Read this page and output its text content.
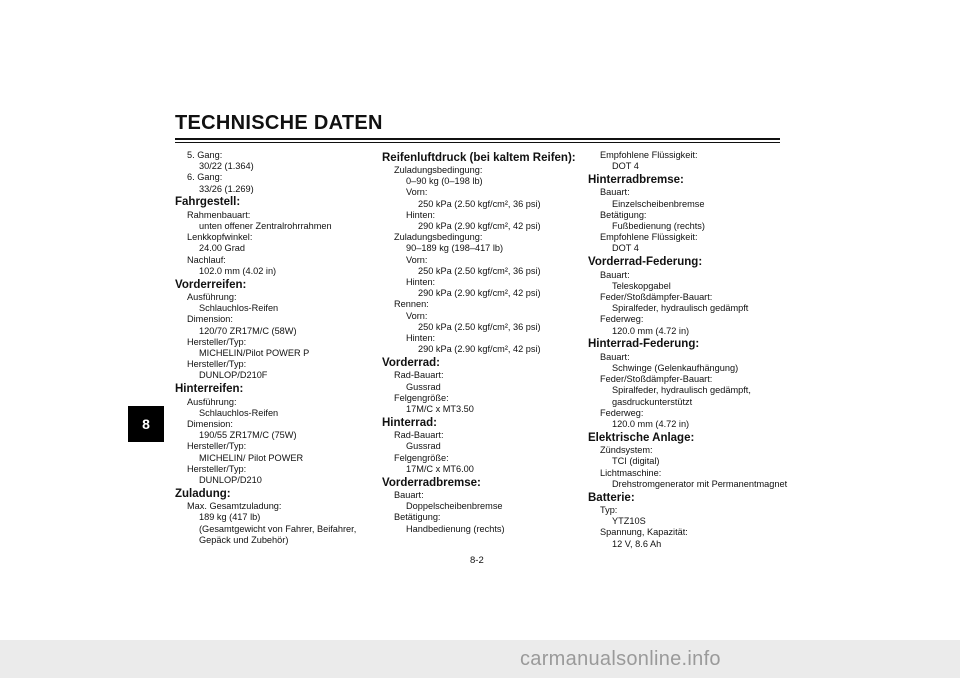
TECHNISCHE DATEN
8
5. Gang:
30/22 (1.364)
6. Gang:
33/26 (1.269)
Fahrgestell:
Rahmenbauart:
unten offener Zentralrohrrahmen
Lenkkopfwinkel:
24.00 Grad
Nachlauf:
102.0 mm (4.02 in)
Vorderreifen:
Ausführung:
Schlauchlos-Reifen
Dimension:
120/70 ZR17M/C (58W)
Hersteller/Typ:
MICHELIN/Pilot POWER P
Hersteller/Typ:
DUNLOP/D210F
Hinterreifen:
Ausführung:
Schlauchlos-Reifen
Dimension:
190/55 ZR17M/C (75W)
Hersteller/Typ:
MICHELIN/ Pilot POWER
Hersteller/Typ:
DUNLOP/D210
Zuladung:
Max. Gesamtzuladung:
189 kg (417 lb)
(Gesamtgewicht von Fahrer, Beifahrer,
Gepäck und Zubehör)
Reifenluftdruck (bei kaltem Reifen):
Zuladungsbedingung:
0–90 kg (0–198 lb)
Vorn:
250 kPa (2.50 kgf/cm², 36 psi)
Hinten:
290 kPa (2.90 kgf/cm², 42 psi)
Zuladungsbedingung:
90–189 kg (198–417 lb)
Vorn:
250 kPa (2.50 kgf/cm², 36 psi)
Hinten:
290 kPa (2.90 kgf/cm², 42 psi)
Rennen:
Vorn:
250 kPa (2.50 kgf/cm², 36 psi)
Hinten:
290 kPa (2.90 kgf/cm², 42 psi)
Vorderrad:
Rad-Bauart:
Gussrad
Felgengröße:
17M/C x MT3.50
Hinterrad:
Rad-Bauart:
Gussrad
Felgengröße:
17M/C x MT6.00
Vorderradbremse:
Bauart:
Doppelscheibenbremse
Betätigung:
Handbedienung (rechts)
Empfohlene Flüssigkeit:
DOT 4
Hinterradbremse:
Bauart:
Einzelscheibenbremse
Betätigung:
Fußbedienung (rechts)
Empfohlene Flüssigkeit:
DOT 4
Vorderrad-Federung:
Bauart:
Teleskopgabel
Feder/Stoßdämpfer-Bauart:
Spiralfeder, hydraulisch gedämpft
Federweg:
120.0 mm (4.72 in)
Hinterrad-Federung:
Bauart:
Schwinge (Gelenkaufhängung)
Feder/Stoßdämpfer-Bauart:
Spiralfeder, hydraulisch gedämpft,
gasdruckunterstützt
Federweg:
120.0 mm (4.72 in)
Elektrische Anlage:
Zündsystem:
TCI (digital)
Lichtmaschine:
Drehstromgenerator mit Permanentmagnet
Batterie:
Typ:
YTZ10S
Spannung, Kapazität:
12 V, 8.6 Ah
8-2
carmanualsonline.info
